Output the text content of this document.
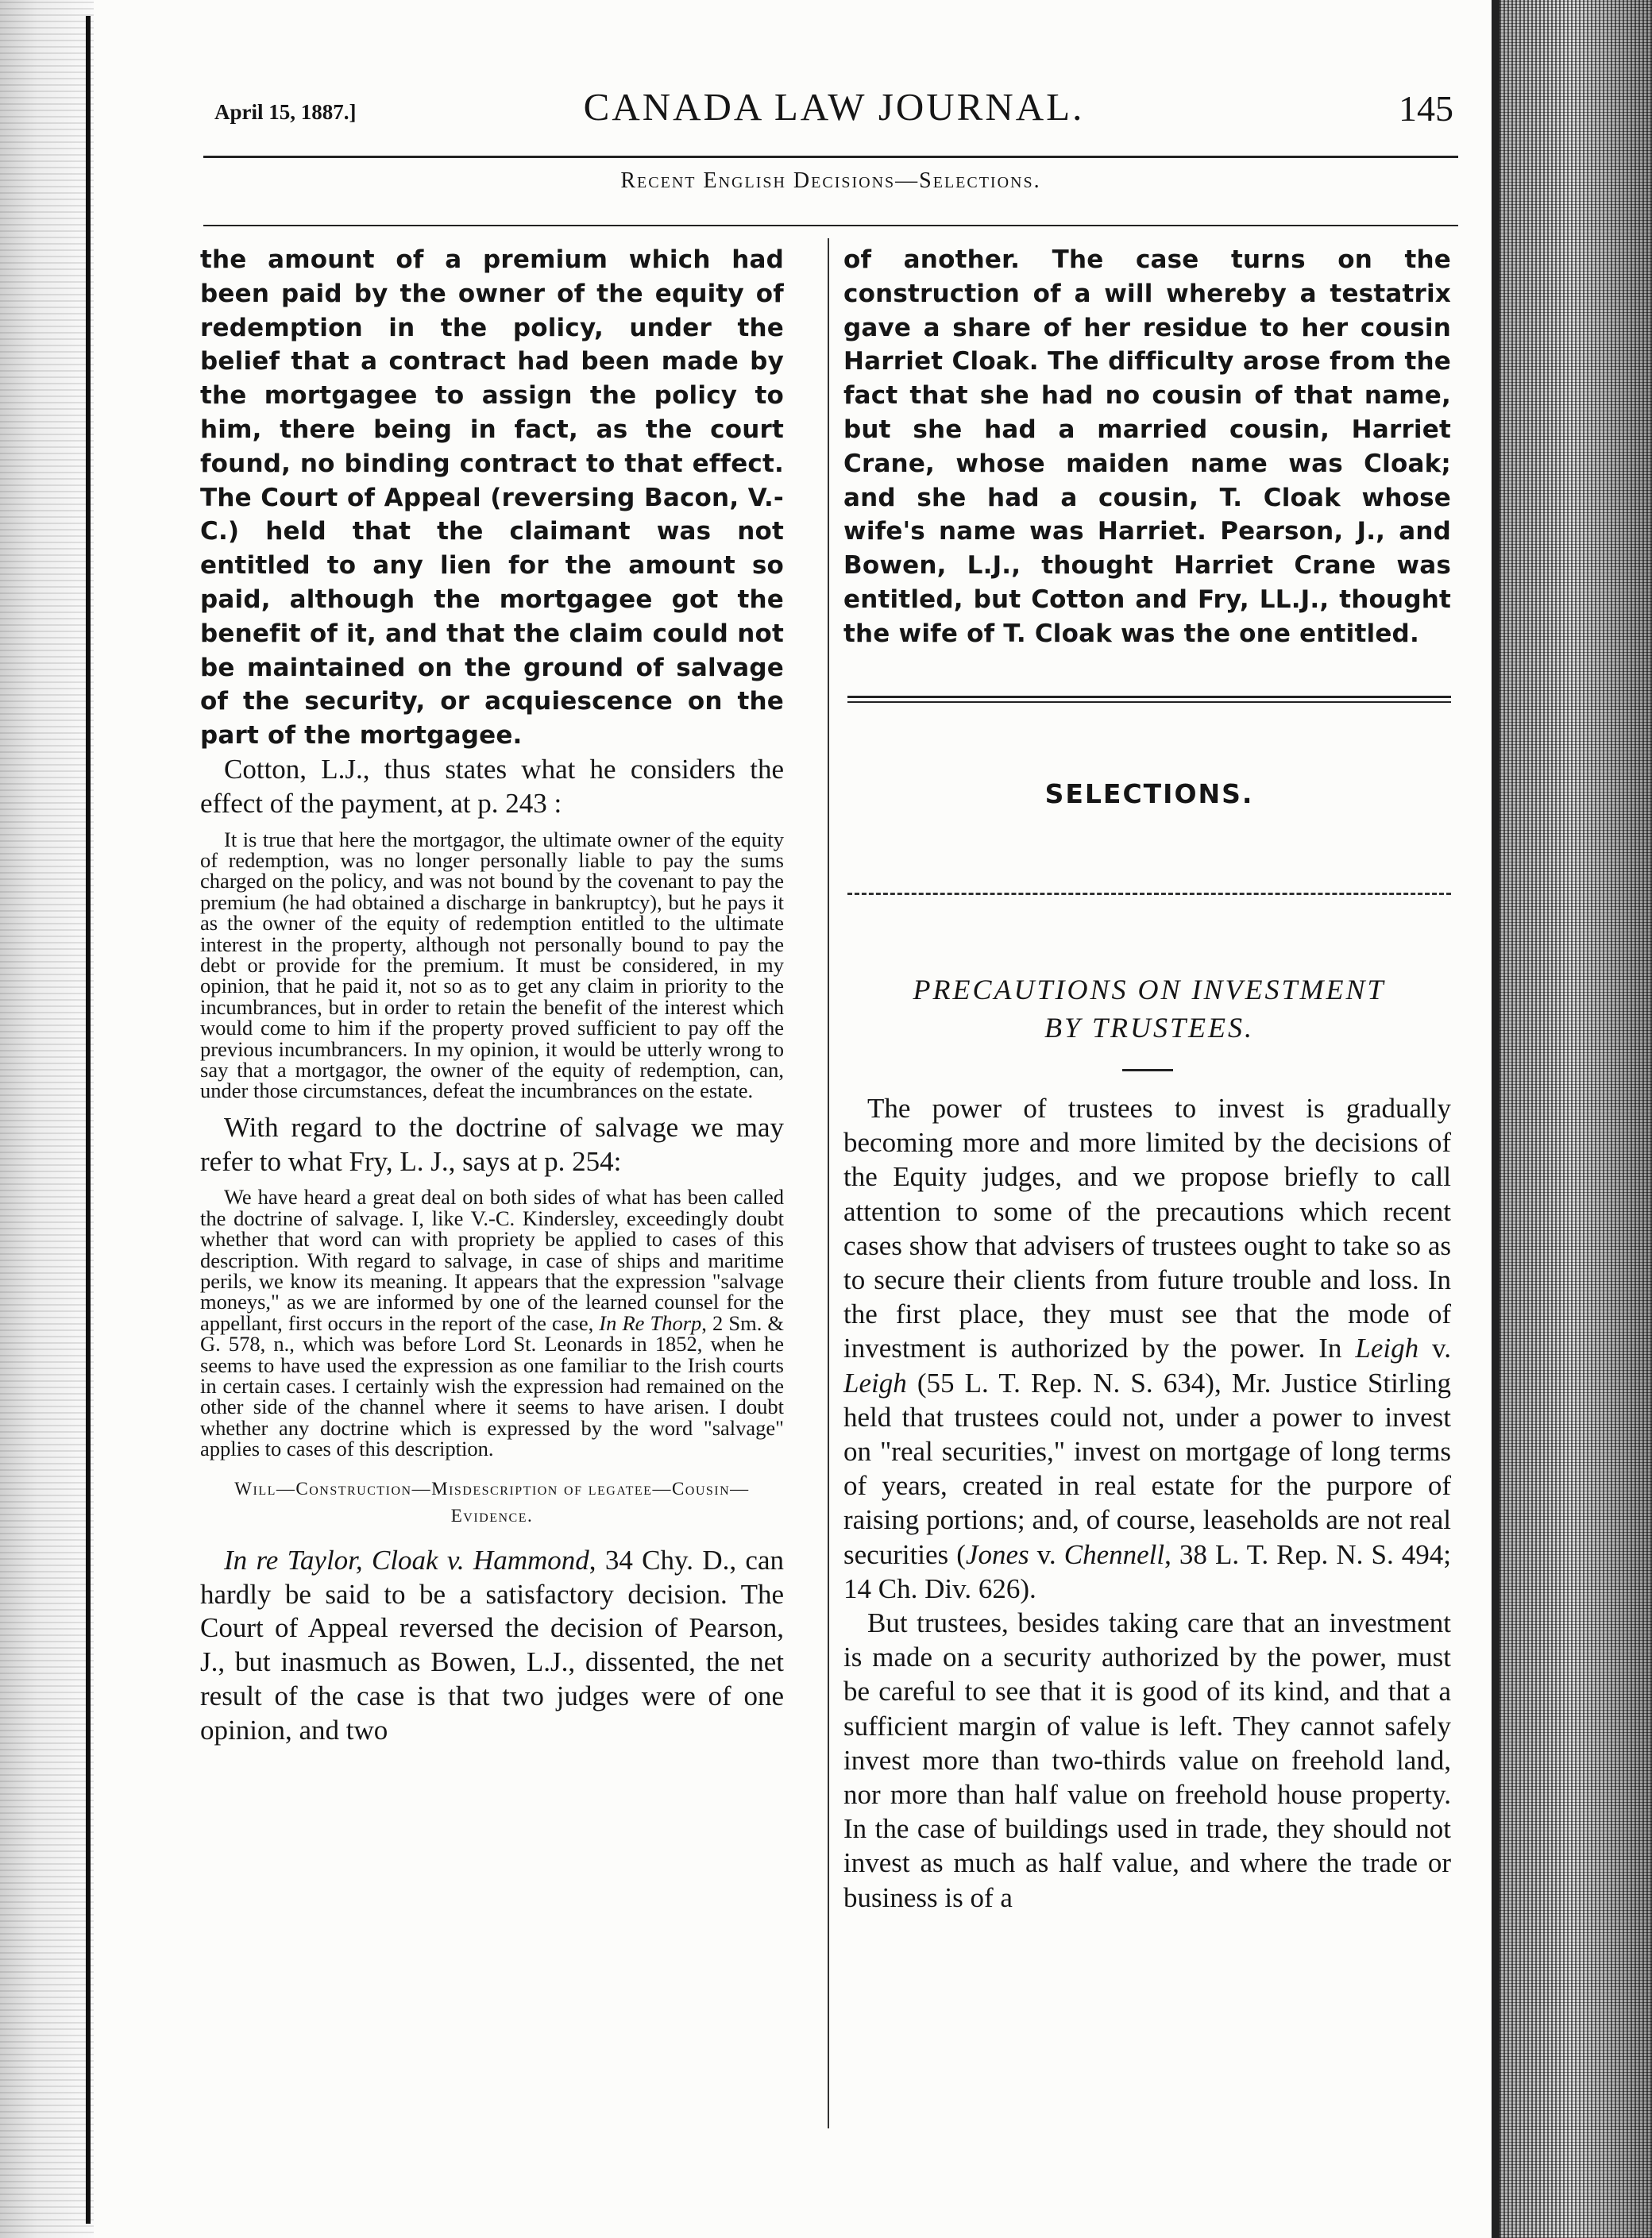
April 15, 1887.]	CANADA LAW JOURNAL.	145
Recent English Decisions—Selections.

the amount of a premium which had been paid by the owner of the equity of redemption in the policy, under the belief that a contract had been made by the mortgagee to assign the policy to him, there being in fact, as the court found, no binding contract to that effect. The Court of Appeal (reversing Bacon, V.-C.) held that the claimant was not entitled to any lien for the amount so paid, although the mortgagee got the benefit of it, and that the claim could not be maintained on the ground of salvage of the security, or acquiescence on the part of the mortgagee.

Cotton, L.J., thus states what he considers the effect of the payment, at p. 243 :

It is true that here the mortgagor, the ultimate owner of the equity of redemption, was no longer personally liable to pay the sums charged on the policy, and was not bound by the covenant to pay the premium (he had obtained a discharge in bankruptcy), but he pays it as the owner of the equity of redemption entitled to the ultimate interest in the property, although not personally bound to pay the debt or provide for the premium. It must be considered, in my opinion, that he paid it, not so as to get any claim in priority to the incumbrances, but in order to retain the benefit of the interest which would come to him if the property proved sufficient to pay off the previous incumbrancers. In my opinion, it would be utterly wrong to say that a mortgagor, the owner of the equity of redemption, can, under those circumstances, defeat the incumbrances on the estate.

With regard to the doctrine of salvage we may refer to what Fry, L. J., says at p. 254:

We have heard a great deal on both sides of what has been called the doctrine of salvage. I, like V.-C. Kindersley, exceedingly doubt whether that word can with propriety be applied to cases of this description. With regard to salvage, in case of ships and maritime perils, we know its meaning. It appears that the expression "salvage moneys," as we are informed by one of the learned counsel for the appellant, first occurs in the report of the case, In Re Thorp, 2 Sm. & G. 578, n., which was before Lord St. Leonards in 1852, when he seems to have used the expression as one familiar to the Irish courts in certain cases. I certainly wish the expression had remained on the other side of the channel where it seems to have arisen. I doubt whether any doctrine which is expressed by the word "salvage" applies to cases of this description.

Will—Construction—Misdescription of legatee—Cousin—Evidence.

In re Taylor, Cloak v. Hammond, 34 Chy. D., can hardly be said to be a satisfactory decision. The Court of Appeal reversed the decision of Pearson, J., but inasmuch as Bowen, L.J., dissented, the net result of the case is that two judges were of one opinion, and two

of another. The case turns on the construction of a will whereby a testatrix gave a share of her residue to her cousin Harriet Cloak. The difficulty arose from the fact that she had no cousin of that name, but she had a married cousin, Harriet Crane, whose maiden name was Cloak; and she had a cousin, T. Cloak whose wife's name was Harriet. Pearson, J., and Bowen, L.J., thought Harriet Crane was entitled, but Cotton and Fry, LL.J., thought the wife of T. Cloak was the one entitled.

SELECTIONS.
PRECAUTIONS ON INVESTMENT
BY TRUSTEES.

The power of trustees to invest is gradually becoming more and more limited by the decisions of the Equity judges, and we propose briefly to call attention to some of the precautions which recent cases show that advisers of trustees ought to take so as to secure their clients from future trouble and loss. In the first place, they must see that the mode of investment is authorized by the power. In Leigh v. Leigh (55 L. T. Rep. N. S. 634), Mr. Justice Stirling held that trustees could not, under a power to invest on "real securities," invest on mortgage of long terms of years, created in real estate for the purpore of raising portions; and, of course, leaseholds are not real securities (Jones v. Chennell, 38 L. T. Rep. N. S. 494; 14 Ch. Div. 626).

But trustees, besides taking care that an investment is made on a security authorized by the power, must be careful to see that it is good of its kind, and that a sufficient margin of value is left. They cannot safely invest more than two-thirds value on freehold land, nor more than half value on freehold house property. In the case of buildings used in trade, they should not invest as much as half value, and where the trade or business is of a
